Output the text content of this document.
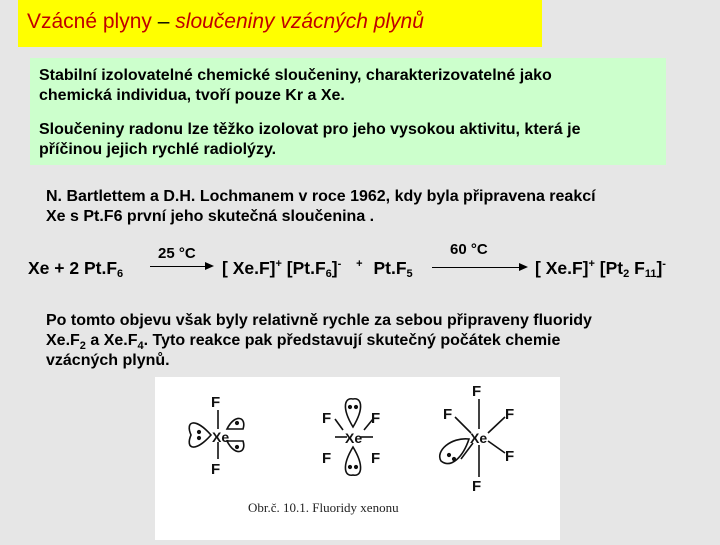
Vzácné plyny – sloučeniny vzácných plynů
Stabilní izolovatelné chemické sloučeniny, charakterizovatelné jako
chemická individua, tvoří pouze Kr a Xe.
Sloučeniny radonu lze těžko izolovat pro jeho vysokou aktivitu, která je
příčinou jejich rychlé radiolýzy.
N. Bartlettem a D.H. Lochmanem v roce 1962, kdy byla připravena reakcí
Xe s Pt.F6 první jeho skutečná sloučenina .
25 °C	60 °C
Xe + 2 $Pt.F_6$	[ Xe.F]+ $[Pt.F_6]^-$ + $Pt.F_5$	[ Xe.F]+ [$Pt_2$ $F_{11}]^-$
Po tomto objevu však byly relativně rychle za sebou připraveny fluoridy
$Xe.F_2$ a $Xe.F_4$. Tyto reakce pak představují skutečný počátek chemie
vzácných plynů.
F
Xe
F
F	F
F	F
Xe
F
F	F
F
F
Xe
Obr.č. 10.1. Fluoridy xenonu
